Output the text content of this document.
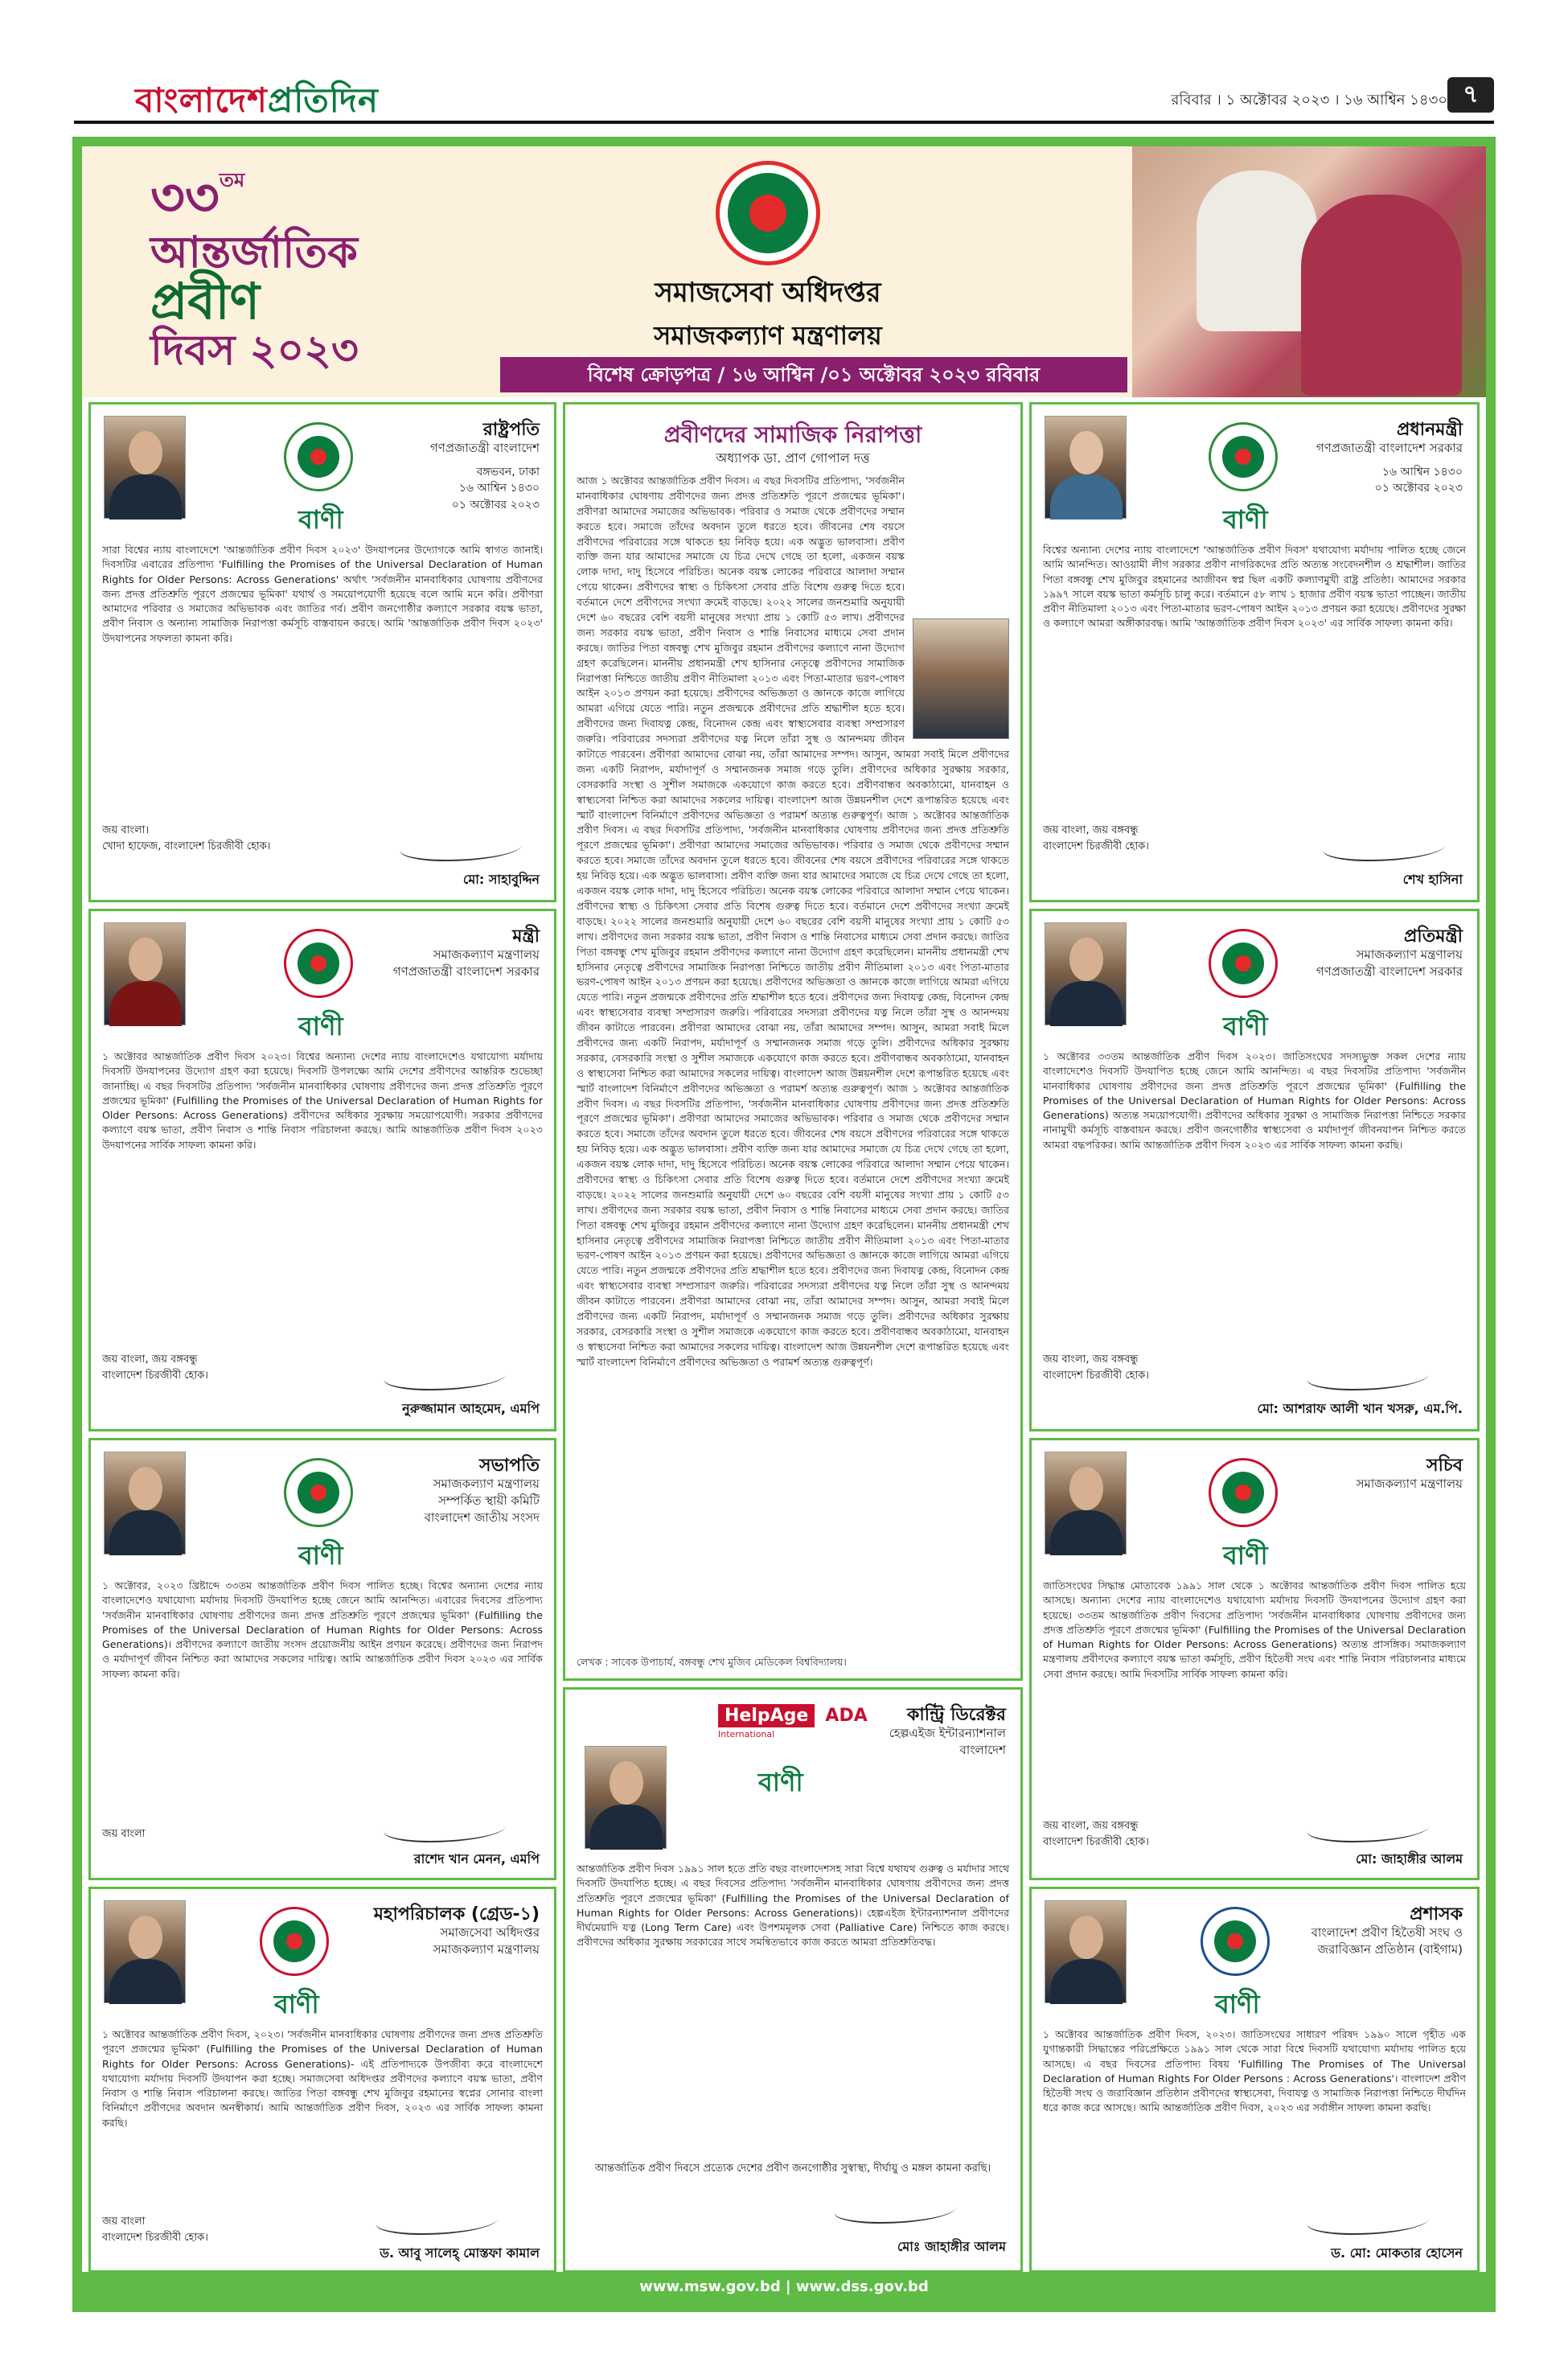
বাংলাদেশপ্রতিদিন	রবিবার । ১ অক্টোবর ২০২৩ । ১৬ আশ্বিন ১৪৩০ ৭
$৩৩^{তম}$
আন্তর্জাতিক
প্রবীণ
দিবস ২০২৩
সমাজসেবা অধিদপ্তর
সমাজকল্যাণ মন্ত্রণালয়
বিশেষ ক্রোড়পত্র / ১৬ আশ্বিন /০১ অক্টোবর ২০২৩ রবিবার
বাণী
রাষ্ট্রপতি
গণপ্রজাতন্ত্রী বাংলাদেশ
বঙ্গভবন, ঢাকা
১৬ আশ্বিন ১৪৩০
০১ অক্টোবর ২০২৩
সারা বিশ্বের ন্যায় বাংলাদেশে 'আন্তর্জাতিক প্রবীণ দিবস ২০২৩' উদযাপনের উদ্যোগকে আমি স্বাগত জানাই। দিবসটির এবারের প্রতিপাদ্য 'Fulfilling the Promises of the Universal Declaration of Human Rights for Older Persons: Across Generations' অর্থাৎ 'সর্বজনীন মানবাধিকার ঘোষণায় প্রবীণদের জন্য প্রদত্ত প্রতিশ্রুতি পূরণে প্রজন্মের ভূমিকা' যথার্থ ও সময়োপযোগী হয়েছে বলে আমি মনে করি। প্রবীণরা আমাদের পরিবার ও সমাজের অভিভাবক এবং জাতির গর্ব। প্রবীণ জনগোষ্ঠীর কল্যাণে সরকার বয়স্ক ভাতা, প্রবীণ নিবাস ও অন্যান্য সামাজিক নিরাপত্তা কর্মসূচি বাস্তবায়ন করছে। আমি 'আন্তর্জাতিক প্রবীণ দিবস ২০২৩' উদযাপনের সফলতা কামনা করি।
জয় বাংলা।
খোদা হাফেজ, বাংলাদেশ চিরজীবী হোক।
মো: সাহাবুদ্দিন
প্রবীণদের সামাজিক নিরাপত্তা
অধ্যাপক ডা. প্রাণ গোপাল দত্ত
আজ ১ অক্টোবর আন্তর্জাতিক প্রবীণ দিবস। এ বছর দিবসটির প্রতিপাদ্য, 'সর্বজনীন মানবাধিকার ঘোষণায় প্রবীণদের জন্য প্রদত্ত প্রতিশ্রুতি পূরণে প্রজন্মের ভূমিকা'। প্রবীণরা আমাদের সমাজের অভিভাবক। পরিবার ও সমাজ থেকে প্রবীণদের সম্মান করতে হবে। সমাজে তাঁদের অবদান তুলে ধরতে হবে। জীবনের শেষ বয়সে প্রবীণদের পরিবারের সঙ্গে থাকতে হয় নিবিড় হয়ে। এক অদ্ভুত ভালবাসা। প্রবীণ ব্যক্তি জন্য যার আমাদের সমাজে যে চিত্র দেখে গেছে তা হলো, একজন বয়স্ক লোক দাদা, দাদু হিসেবে পরিচিত। অনেক বয়স্ক লোকের পরিবারে আলাদা সম্মান পেয়ে থাকেন। প্রবীণদের স্বাস্থ্য ও চিকিৎসা সেবার প্রতি বিশেষ গুরুত্ব দিতে হবে। বর্তমানে দেশে প্রবীণদের সংখ্যা ক্রমেই বাড়ছে। ২০২২ সালের জনশুমারি অনুযায়ী দেশে ৬০ বছরের বেশি বয়সী মানুষের সংখ্যা প্রায় ১ কোটি ৫৩ লাখ। প্রবীণদের জন্য সরকার বয়স্ক ভাতা, প্রবীণ নিবাস ও শান্তি নিবাসের মাধ্যমে সেবা প্রদান করছে। জাতির পিতা বঙ্গবন্ধু শেখ মুজিবুর রহমান প্রবীণদের কল্যাণে নানা উদ্যোগ গ্রহণ করেছিলেন। মাননীয় প্রধানমন্ত্রী শেখ হাসিনার নেতৃত্বে প্রবীণদের সামাজিক নিরাপত্তা নিশ্চিতে জাতীয় প্রবীণ নীতিমালা ২০১৩ এবং পিতা-মাতার ভরণ-পোষণ আইন ২০১৩ প্রণয়ন করা হয়েছে। প্রবীণদের অভিজ্ঞতা ও জ্ঞানকে কাজে লাগিয়ে আমরা এগিয়ে যেতে পারি। নতুন প্রজন্মকে প্রবীণদের প্রতি শ্রদ্ধাশীল হতে হবে। প্রবীণদের জন্য দিবাযত্ন কেন্দ্র, বিনোদন কেন্দ্র এবং স্বাস্থ্যসেবার ব্যবস্থা সম্প্রসারণ জরুরি। পরিবারের সদস্যরা প্রবীণদের যত্ন নিলে তাঁরা সুস্থ ও আনন্দময় জীবন কাটাতে পারবেন। প্রবীণরা আমাদের বোঝা নয়, তাঁরা আমাদের সম্পদ। আসুন, আমরা সবাই মিলে প্রবীণদের জন্য একটি নিরাপদ, মর্যাদাপূর্ণ ও সম্মানজনক সমাজ গড়ে তুলি। প্রবীণদের অধিকার সুরক্ষায় সরকার, বেসরকারি সংস্থা ও সুশীল সমাজকে একযোগে কাজ করতে হবে। প্রবীণবান্ধব অবকাঠামো, যানবাহন ও স্বাস্থ্যসেবা নিশ্চিত করা আমাদের সকলের দায়িত্ব। বাংলাদেশ আজ উন্নয়নশীল দেশে রূপান্তরিত হয়েছে এবং স্মার্ট বাংলাদেশ বিনির্মাণে প্রবীণদের অভিজ্ঞতা ও পরামর্শ অত্যন্ত গুরুত্বপূর্ণ। আজ ১ অক্টোবর আন্তর্জাতিক প্রবীণ দিবস। এ বছর দিবসটির প্রতিপাদ্য, 'সর্বজনীন মানবাধিকার ঘোষণায় প্রবীণদের জন্য প্রদত্ত প্রতিশ্রুতি পূরণে প্রজন্মের ভূমিকা'। প্রবীণরা আমাদের সমাজের অভিভাবক। পরিবার ও সমাজ থেকে প্রবীণদের সম্মান করতে হবে। সমাজে তাঁদের অবদান তুলে ধরতে হবে। জীবনের শেষ বয়সে প্রবীণদের পরিবারের সঙ্গে থাকতে হয় নিবিড় হয়ে। এক অদ্ভুত ভালবাসা। প্রবীণ ব্যক্তি জন্য যার আমাদের সমাজে যে চিত্র দেখে গেছে তা হলো, একজন বয়স্ক লোক দাদা, দাদু হিসেবে পরিচিত। অনেক বয়স্ক লোকের পরিবারে আলাদা সম্মান পেয়ে থাকেন। প্রবীণদের স্বাস্থ্য ও চিকিৎসা সেবার প্রতি বিশেষ গুরুত্ব দিতে হবে। বর্তমানে দেশে প্রবীণদের সংখ্যা ক্রমেই বাড়ছে। ২০২২ সালের জনশুমারি অনুযায়ী দেশে ৬০ বছরের বেশি বয়সী মানুষের সংখ্যা প্রায় ১ কোটি ৫৩ লাখ। প্রবীণদের জন্য সরকার বয়স্ক ভাতা, প্রবীণ নিবাস ও শান্তি নিবাসের মাধ্যমে সেবা প্রদান করছে। জাতির পিতা বঙ্গবন্ধু শেখ মুজিবুর রহমান প্রবীণদের কল্যাণে নানা উদ্যোগ গ্রহণ করেছিলেন। মাননীয় প্রধানমন্ত্রী শেখ হাসিনার নেতৃত্বে প্রবীণদের সামাজিক নিরাপত্তা নিশ্চিতে জাতীয় প্রবীণ নীতিমালা ২০১৩ এবং পিতা-মাতার ভরণ-পোষণ আইন ২০১৩ প্রণয়ন করা হয়েছে। প্রবীণদের অভিজ্ঞতা ও জ্ঞানকে কাজে লাগিয়ে আমরা এগিয়ে যেতে পারি। নতুন প্রজন্মকে প্রবীণদের প্রতি শ্রদ্ধাশীল হতে হবে। প্রবীণদের জন্য দিবাযত্ন কেন্দ্র, বিনোদন কেন্দ্র এবং স্বাস্থ্যসেবার ব্যবস্থা সম্প্রসারণ জরুরি। পরিবারের সদস্যরা প্রবীণদের যত্ন নিলে তাঁরা সুস্থ ও আনন্দময় জীবন কাটাতে পারবেন। প্রবীণরা আমাদের বোঝা নয়, তাঁরা আমাদের সম্পদ। আসুন, আমরা সবাই মিলে প্রবীণদের জন্য একটি নিরাপদ, মর্যাদাপূর্ণ ও সম্মানজনক সমাজ গড়ে তুলি। প্রবীণদের অধিকার সুরক্ষায় সরকার, বেসরকারি সংস্থা ও সুশীল সমাজকে একযোগে কাজ করতে হবে। প্রবীণবান্ধব অবকাঠামো, যানবাহন ও স্বাস্থ্যসেবা নিশ্চিত করা আমাদের সকলের দায়িত্ব। বাংলাদেশ আজ উন্নয়নশীল দেশে রূপান্তরিত হয়েছে এবং স্মার্ট বাংলাদেশ বিনির্মাণে প্রবীণদের অভিজ্ঞতা ও পরামর্শ অত্যন্ত গুরুত্বপূর্ণ। আজ ১ অক্টোবর আন্তর্জাতিক প্রবীণ দিবস। এ বছর দিবসটির প্রতিপাদ্য, 'সর্বজনীন মানবাধিকার ঘোষণায় প্রবীণদের জন্য প্রদত্ত প্রতিশ্রুতি পূরণে প্রজন্মের ভূমিকা'। প্রবীণরা আমাদের সমাজের অভিভাবক। পরিবার ও সমাজ থেকে প্রবীণদের সম্মান করতে হবে। সমাজে তাঁদের অবদান তুলে ধরতে হবে। জীবনের শেষ বয়সে প্রবীণদের পরিবারের সঙ্গে থাকতে হয় নিবিড় হয়ে। এক অদ্ভুত ভালবাসা। প্রবীণ ব্যক্তি জন্য যার আমাদের সমাজে যে চিত্র দেখে গেছে তা হলো, একজন বয়স্ক লোক দাদা, দাদু হিসেবে পরিচিত। অনেক বয়স্ক লোকের পরিবারে আলাদা সম্মান পেয়ে থাকেন। প্রবীণদের স্বাস্থ্য ও চিকিৎসা সেবার প্রতি বিশেষ গুরুত্ব দিতে হবে। বর্তমানে দেশে প্রবীণদের সংখ্যা ক্রমেই বাড়ছে। ২০২২ সালের জনশুমারি অনুযায়ী দেশে ৬০ বছরের বেশি বয়সী মানুষের সংখ্যা প্রায় ১ কোটি ৫৩ লাখ। প্রবীণদের জন্য সরকার বয়স্ক ভাতা, প্রবীণ নিবাস ও শান্তি নিবাসের মাধ্যমে সেবা প্রদান করছে। জাতির পিতা বঙ্গবন্ধু শেখ মুজিবুর রহমান প্রবীণদের কল্যাণে নানা উদ্যোগ গ্রহণ করেছিলেন। মাননীয় প্রধানমন্ত্রী শেখ হাসিনার নেতৃত্বে প্রবীণদের সামাজিক নিরাপত্তা নিশ্চিতে জাতীয় প্রবীণ নীতিমালা ২০১৩ এবং পিতা-মাতার ভরণ-পোষণ আইন ২০১৩ প্রণয়ন করা হয়েছে। প্রবীণদের অভিজ্ঞতা ও জ্ঞানকে কাজে লাগিয়ে আমরা এগিয়ে যেতে পারি। নতুন প্রজন্মকে প্রবীণদের প্রতি শ্রদ্ধাশীল হতে হবে। প্রবীণদের জন্য দিবাযত্ন কেন্দ্র, বিনোদন কেন্দ্র এবং স্বাস্থ্যসেবার ব্যবস্থা সম্প্রসারণ জরুরি। পরিবারের সদস্যরা প্রবীণদের যত্ন নিলে তাঁরা সুস্থ ও আনন্দময় জীবন কাটাতে পারবেন। প্রবীণরা আমাদের বোঝা নয়, তাঁরা আমাদের সম্পদ। আসুন, আমরা সবাই মিলে প্রবীণদের জন্য একটি নিরাপদ, মর্যাদাপূর্ণ ও সম্মানজনক সমাজ গড়ে তুলি। প্রবীণদের অধিকার সুরক্ষায় সরকার, বেসরকারি সংস্থা ও সুশীল সমাজকে একযোগে কাজ করতে হবে। প্রবীণবান্ধব অবকাঠামো, যানবাহন ও স্বাস্থ্যসেবা নিশ্চিত করা আমাদের সকলের দায়িত্ব। বাংলাদেশ আজ উন্নয়নশীল দেশে রূপান্তরিত হয়েছে এবং স্মার্ট বাংলাদেশ বিনির্মাণে প্রবীণদের অভিজ্ঞতা ও পরামর্শ অত্যন্ত গুরুত্বপূর্ণ।
লেখক : সাবেক উপাচার্য, বঙ্গবন্ধু শেখ মুজিব মেডিকেল বিশ্ববিদ্যালয়।
বাণী
প্রধানমন্ত্রী
গণপ্রজাতন্ত্রী বাংলাদেশ সরকার
১৬ আশ্বিন ১৪৩০
০১ অক্টোবর ২০২৩
বিশ্বের অন্যান্য দেশের ন্যায় বাংলাদেশে 'আন্তর্জাতিক প্রবীণ দিবস' যথাযোগ্য মর্যাদায় পালিত হচ্ছে জেনে আমি আনন্দিত। আওয়ামী লীগ সরকার প্রবীণ নাগরিকদের প্রতি অত্যন্ত সংবেদনশীল ও শ্রদ্ধাশীল। জাতির পিতা বঙ্গবন্ধু শেখ মুজিবুর রহমানের আজীবন স্বপ্ন ছিল একটি কল্যাণমুখী রাষ্ট্র প্রতিষ্ঠা। আমাদের সরকার ১৯৯৭ সালে বয়স্ক ভাতা কর্মসূচি চালু করে। বর্তমানে ৫৮ লাখ ১ হাজার প্রবীণ বয়স্ক ভাতা পাচ্ছেন। জাতীয় প্রবীণ নীতিমালা ২০১৩ এবং পিতা-মাতার ভরণ-পোষণ আইন ২০১৩ প্রণয়ন করা হয়েছে। প্রবীণদের সুরক্ষা ও কল্যাণে আমরা অঙ্গীকারবদ্ধ। আমি 'আন্তর্জাতিক প্রবীণ দিবস ২০২৩' এর সার্বিক সাফল্য কামনা করি।
জয় বাংলা, জয় বঙ্গবন্ধু
বাংলাদেশ চিরজীবী হোক।
শেখ হাসিনা
বাণী
মন্ত্রী
সমাজকল্যাণ মন্ত্রণালয়
গণপ্রজাতন্ত্রী বাংলাদেশ সরকার
১ অক্টোবর আন্তর্জাতিক প্রবীণ দিবস ২০২৩। বিশ্বের অন্যান্য দেশের ন্যায় বাংলাদেশেও যথাযোগ্য মর্যাদায় দিবসটি উদযাপনের উদ্যোগ গ্রহণ করা হয়েছে। দিবসটি উপলক্ষ্যে আমি দেশের প্রবীণদের আন্তরিক শুভেচ্ছা জানাচ্ছি। এ বছর দিবসটির প্রতিপাদ্য 'সর্বজনীন মানবাধিকার ঘোষণায় প্রবীণদের জন্য প্রদত্ত প্রতিশ্রুতি পূরণে প্রজন্মের ভূমিকা' (Fulfilling the Promises of the Universal Declaration of Human Rights for Older Persons: Across Generations) প্রবীণদের অধিকার সুরক্ষায় সময়োপযোগী। সরকার প্রবীণদের কল্যাণে বয়স্ক ভাতা, প্রবীণ নিবাস ও শান্তি নিবাস পরিচালনা করছে। আমি আন্তর্জাতিক প্রবীণ দিবস ২০২৩ উদযাপনের সার্বিক সাফল্য কামনা করি।
জয় বাংলা, জয় বঙ্গবন্ধু
বাংলাদেশ চিরজীবী হোক।
নুরুজ্জামান আহমেদ, এমপি
বাণী
প্রতিমন্ত্রী
সমাজকল্যাণ মন্ত্রণালয়
গণপ্রজাতন্ত্রী বাংলাদেশ সরকার
১ অক্টোবর ৩৩তম আন্তর্জাতিক প্রবীণ দিবস ২০২৩। জাতিসংঘের সদস্যভুক্ত সকল দেশের ন্যায় বাংলাদেশেও দিবসটি উদযাপিত হচ্ছে জেনে আমি আনন্দিত। এ বছর দিবসটির প্রতিপাদ্য 'সর্বজনীন মানবাধিকার ঘোষণায় প্রবীণদের জন্য প্রদত্ত প্রতিশ্রুতি পূরণে প্রজন্মের ভূমিকা' (Fulfilling the Promises of the Universal Declaration of Human Rights for Older Persons: Across Generations) অত্যন্ত সময়োপযোগী। প্রবীণদের অধিকার সুরক্ষা ও সামাজিক নিরাপত্তা নিশ্চিতে সরকার নানামুখী কর্মসূচি বাস্তবায়ন করছে। প্রবীণ জনগোষ্ঠীর স্বাস্থ্যসেবা ও মর্যাদাপূর্ণ জীবনযাপন নিশ্চিত করতে আমরা বদ্ধপরিকর। আমি আন্তর্জাতিক প্রবীণ দিবস ২০২৩ এর সার্বিক সাফল্য কামনা করছি।
জয় বাংলা, জয় বঙ্গবন্ধু
বাংলাদেশ চিরজীবী হোক।
মো: আশরাফ আলী খান খসরু, এম.পি.
বাণী
সভাপতি
সমাজকল্যাণ মন্ত্রণালয়
সম্পর্কিত স্থায়ী কমিটি
বাংলাদেশ জাতীয় সংসদ
১ অক্টোবর, ২০২৩ খ্রিষ্টাব্দে ৩৩তম আন্তর্জাতিক প্রবীণ দিবস পালিত হচ্ছে। বিশ্বের অন্যান্য দেশের ন্যায় বাংলাদেশেও যথাযোগ্য মর্যাদায় দিবসটি উদযাপিত হচ্ছে জেনে আমি আনন্দিত। এবারের দিবসের প্রতিপাদ্য 'সর্বজনীন মানবাধিকার ঘোষণায় প্রবীণদের জন্য প্রদত্ত প্রতিশ্রুতি পূরণে প্রজন্মের ভূমিকা' (Fulfilling the Promises of the Universal Declaration of Human Rights for Older Persons: Across Generations)। প্রবীণদের কল্যাণে জাতীয় সংসদ প্রয়োজনীয় আইন প্রণয়ন করেছে। প্রবীণদের জন্য নিরাপদ ও মর্যাদাপূর্ণ জীবন নিশ্চিত করা আমাদের সকলের দায়িত্ব। আমি আন্তর্জাতিক প্রবীণ দিবস ২০২৩ এর সার্বিক সাফল্য কামনা করি।
জয় বাংলা
রাশেদ খান মেনন, এমপি
বাণী
সচিব
সমাজকল্যাণ মন্ত্রণালয়
জাতিসংঘের সিদ্ধান্ত মোতাবেক ১৯৯১ সাল থেকে ১ অক্টোবর আন্তর্জাতিক প্রবীণ দিবস পালিত হয়ে আসছে। অন্যান্য দেশের ন্যায় বাংলাদেশেও যথাযোগ্য মর্যাদায় দিবসটি উদযাপনের উদ্যোগ গ্রহণ করা হয়েছে। ৩৩তম আন্তর্জাতিক প্রবীণ দিবসের প্রতিপাদ্য 'সর্বজনীন মানবাধিকার ঘোষণায় প্রবীণদের জন্য প্রদত্ত প্রতিশ্রুতি পূরণে প্রজন্মের ভূমিকা' (Fulfilling the Promises of the Universal Declaration of Human Rights for Older Persons: Across Generations) অত্যন্ত প্রাসঙ্গিক। সমাজকল্যাণ মন্ত্রণালয় প্রবীণদের কল্যাণে বয়স্ক ভাতা কর্মসূচি, প্রবীণ হিতৈষী সংঘ এবং শান্তি নিবাস পরিচালনার মাধ্যমে সেবা প্রদান করছে। আমি দিবসটির সার্বিক সাফল্য কামনা করি।
জয় বাংলা, জয় বঙ্গবন্ধু
বাংলাদেশ চিরজীবী হোক।
মো: জাহাঙ্গীর আলম
বাণী
মহাপরিচালক (গ্রেড-১)
সমাজসেবা অধিদপ্তর
সমাজকল্যাণ মন্ত্রণালয়
১ অক্টোবর আন্তর্জাতিক প্রবীণ দিবস, ২০২৩। 'সর্বজনীন মানবাধিকার ঘোষণায় প্রবীণদের জন্য প্রদত্ত প্রতিশ্রুতি পূরণে প্রজন্মের ভূমিকা' (Fulfilling the Promises of the Universal Declaration of Human Rights for Older Persons: Across Generations)- এই প্রতিপাদ্যকে উপজীব্য করে বাংলাদেশে যথাযোগ্য মর্যাদায় দিবসটি উদযাপন করা হচ্ছে। সমাজসেবা অধিদপ্তর প্রবীণদের কল্যাণে বয়স্ক ভাতা, প্রবীণ নিবাস ও শান্তি নিবাস পরিচালনা করছে। জাতির পিতা বঙ্গবন্ধু শেখ মুজিবুর রহমানের স্বপ্নের সোনার বাংলা বিনির্মাণে প্রবীণদের অবদান অনস্বীকার্য। আমি আন্তর্জাতিক প্রবীণ দিবস, ২০২৩ এর সার্বিক সাফল্য কামনা করছি।
জয় বাংলা
বাংলাদেশ চিরজীবী হোক।
ড. আবু সালেহ্ মোস্তফা কামাল
HelpAge ADA
International
বাণী
কান্ট্রি ডিরেক্টর
হেল্পএইজ ইন্টারন্যাশনাল
বাংলাদেশ
আন্তর্জাতিক প্রবীণ দিবস ১৯৯১ সাল হতে প্রতি বছর বাংলাদেশসহ সারা বিশ্বে যথাযথ গুরুত্ব ও মর্যাদার সাথে দিবসটি উদযাপিত হচ্ছে। এ বছর দিবসের প্রতিপাদ্য 'সর্বজনীন মানবাধিকার ঘোষণায় প্রবীণদের জন্য প্রদত্ত প্রতিশ্রুতি পূরণে প্রজন্মের ভূমিকা' (Fulfilling the Promises of the Universal Declaration of Human Rights for Older Persons: Across Generations)। হেল্পএইজ ইন্টারন্যাশনাল প্রবীণদের দীর্ঘমেয়াদি যত্ন (Long Term Care) এবং উপশমমূলক সেবা (Palliative Care) নিশ্চিতে কাজ করছে। প্রবীণদের অধিকার সুরক্ষায় সরকারের সাথে সমন্বিতভাবে কাজ করতে আমরা প্রতিশ্রুতিবদ্ধ।
আন্তর্জাতিক প্রবীণ দিবসে প্রত্যেক দেশের প্রবীণ জনগোষ্ঠীর সুস্বাস্থ্য, দীর্ঘায়ু ও মঙ্গল কামনা করছি।
মোঃ জাহাঙ্গীর আলম
বাণী
প্রশাসক
বাংলাদেশ প্রবীণ হিতৈষী সংঘ ও
জরাবিজ্ঞান প্রতিষ্ঠান (বাইগাম)
১ অক্টোবর আন্তর্জাতিক প্রবীণ দিবস, ২০২৩। জাতিসংঘের সাধারণ পরিষদ ১৯৯০ সালে গৃহীত এক যুগান্তকারী সিদ্ধান্তের পরিপ্রেক্ষিতে ১৯৯১ সাল থেকে সারা বিশ্বে দিবসটি যথাযোগ্য মর্যাদায় পালিত হয়ে আসছে। এ বছর দিবসের প্রতিপাদ্য বিষয় 'Fulfilling The Promises of The Universal Declaration of Human Rights For Older Persons : Across Generations'। বাংলাদেশ প্রবীণ হিতৈষী সংঘ ও জরাবিজ্ঞান প্রতিষ্ঠান প্রবীণদের স্বাস্থ্যসেবা, দিবাযত্ন ও সামাজিক নিরাপত্তা নিশ্চিতে দীর্ঘদিন ধরে কাজ করে আসছে। আমি আন্তর্জাতিক প্রবীণ দিবস, ২০২৩ এর সর্বাঙ্গীন সাফল্য কামনা করছি।
ড. মো: মোকতার হোসেন
www.msw.gov.bd | www.dss.gov.bd
